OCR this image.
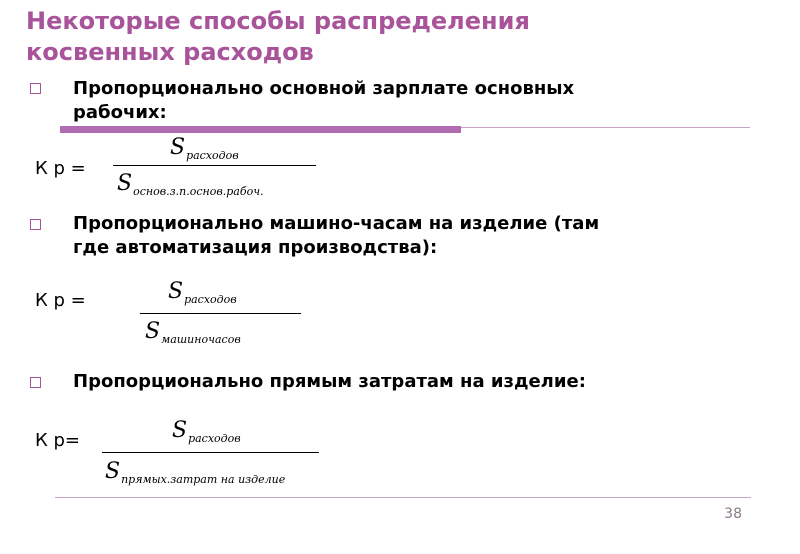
Некоторые способы распределения
косвенных расходов
Пропорционально основной зарплате основных
рабочих:
К р =
$S_{расходов}$
$S_{основ.з.п.основ.рабоч.}$
Пропорционально машино-часам на изделие (там
где автоматизация производства):
К р =	$S_{расходов}$
$S_{машиночасов}$
Пропорционально прямым затратам на изделие:
К р=	$S_{расходов}$
$S_{прямых.затрат на изделие}$
38
